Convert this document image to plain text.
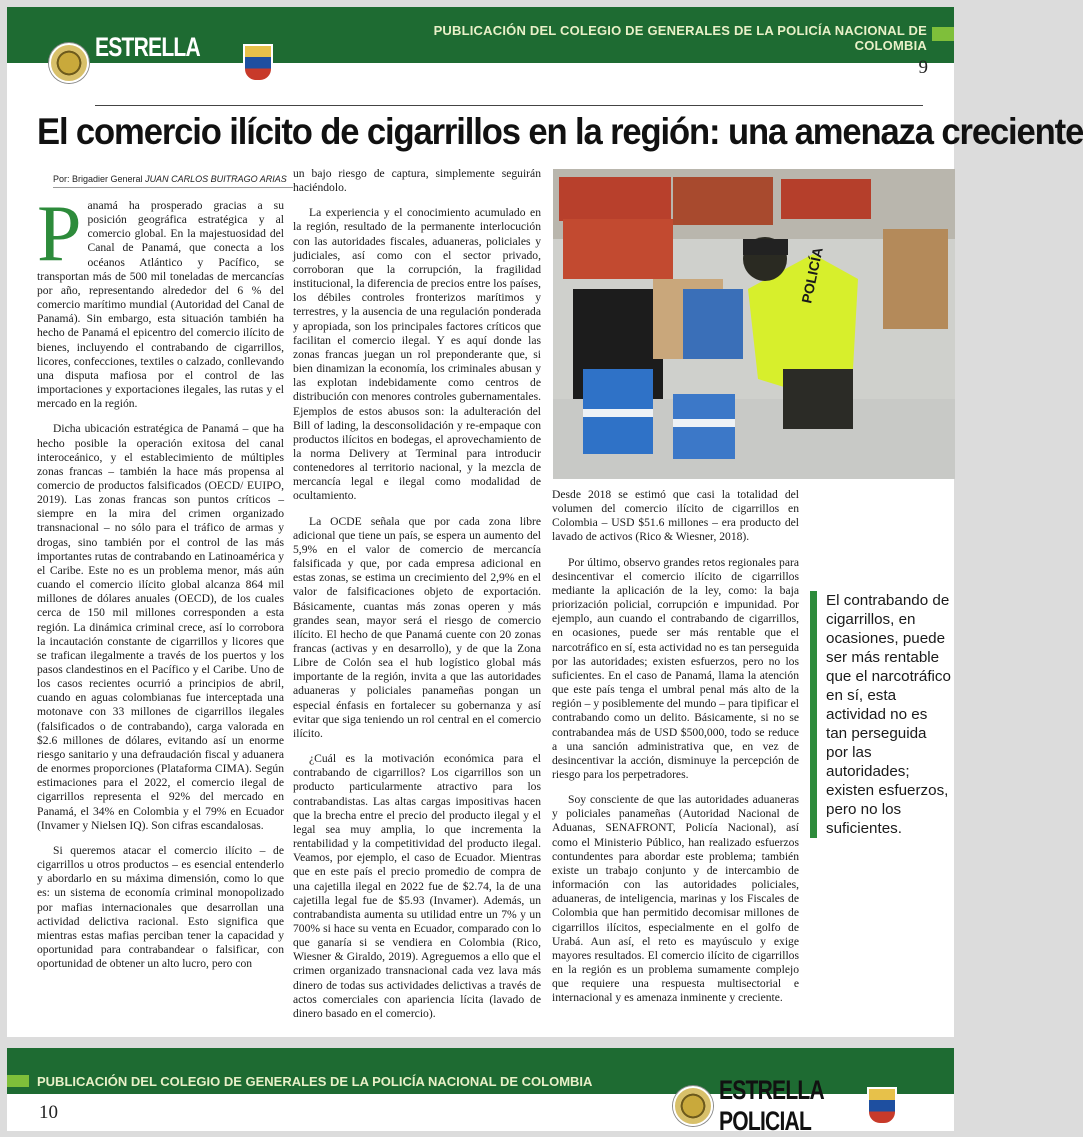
PUBLICACIÓN DEL COLEGIO DE GENERALES DE LA POLICÍA NACIONAL DE COLOMBIA
ESTRELLA POLICIAL	9
El comercio ilícito de cigarrillos en la región: una amenaza creciente
Por: Brigadier General JUAN CARLOS BUITRAGO ARIAS

Panamá ha prosperado gracias a su posición geográfica estratégica y al comercio global. En la majestuosidad del Canal de Panamá, que conecta a los océanos Atlántico y Pacífico, se transportan más de 500 mil toneladas de mercancías por año, representando alrededor del 6 % del comercio marítimo mundial (Autoridad del Canal de Panamá). Sin embargo, esta situación también ha hecho de Panamá el epicentro del comercio ilícito de bienes, incluyendo el contrabando de cigarrillos, licores, confecciones, textiles o calzado, conllevando una disputa mafiosa por el control de las importaciones y exportaciones ilegales, las rutas y el mercado en la región.

Dicha ubicación estratégica de Panamá – que ha hecho posible la operación exitosa del canal interoceánico, y el establecimiento de múltiples zonas francas – también la hace más propensa al comercio de productos falsificados (OECD/ EUIPO, 2019). Las zonas francas son puntos críticos – siempre en la mira del crimen organizado transnacional – no sólo para el tráfico de armas y drogas, sino también por el control de las más importantes rutas de contrabando en Latinoamérica y el Caribe. Este no es un problema menor, más aún cuando el comercio ilícito global alcanza 864 mil millones de dólares anuales (OECD), de los cuales cerca de 150 mil millones corresponden a esta región. La dinámica criminal crece, así lo corrobora la incautación constante de cigarrillos y licores que se trafican ilegalmente a través de los puertos y los pasos clandestinos en el Pacífico y el Caribe. Uno de los casos recientes ocurrió a principios de abril, cuando en aguas colombianas fue interceptada una motonave con 33 millones de cigarrillos ilegales (falsificados o de contrabando), carga valorada en $2.6 millones de dólares, evitando así un enorme riesgo sanitario y una defraudación fiscal y aduanera de enormes proporciones (Plataforma CIMA). Según estimaciones para el 2022, el comercio ilegal de cigarrillos representa el 92% del mercado en Panamá, el 34% en Colombia y el 79% en Ecuador (Invamer y Nielsen IQ). Son cifras escandalosas.

Si queremos atacar el comercio ilícito – de cigarrillos u otros productos – es esencial entenderlo y abordarlo en su máxima dimensión, como lo que es: un sistema de economía criminal monopolizado por mafias internacionales que desarrollan una actividad delictiva racional. Esto significa que mientras estas mafias perciban tener la capacidad y oportunidad para contrabandear o falsificar, con oportunidad de obtener un alto lucro, pero con

un bajo riesgo de captura, simplemente seguirán haciéndolo.

La experiencia y el conocimiento acumulado en la región, resultado de la permanente interlocución con las autoridades fiscales, aduaneras, policiales y judiciales, así como con el sector privado, corroboran que la corrupción, la fragilidad institucional, la diferencia de precios entre los países, los débiles controles fronterizos marítimos y terrestres, y la ausencia de una regulación ponderada y apropiada, son los principales factores críticos que facilitan el comercio ilegal. Y es aquí donde las zonas francas juegan un rol preponderante que, si bien dinamizan la economía, los criminales abusan y las explotan indebidamente como centros de distribución con menores controles gubernamentales. Ejemplos de estos abusos son: la adulteración del Bill of lading, la desconsolidación y re-empaque con productos ilícitos en bodegas, el aprovechamiento de la norma Delivery at Terminal para introducir contenedores al territorio nacional, y la mezcla de mercancía legal e ilegal como modalidad de ocultamiento.

La OCDE señala que por cada zona libre adicional que tiene un país, se espera un aumento del 5,9% en el valor de comercio de mercancía falsificada y que, por cada empresa adicional en estas zonas, se estima un crecimiento del 2,9% en el valor de falsificaciones objeto de exportación. Básicamente, cuantas más zonas operen y más grandes sean, mayor será el riesgo de comercio ilícito. El hecho de que Panamá cuente con 20 zonas francas (activas y en desarrollo), y de que la Zona Libre de Colón sea el hub logístico global más importante de la región, invita a que las autoridades aduaneras y policiales panameñas pongan un especial énfasis en fortalecer su gobernanza y así evitar que siga teniendo un rol central en el comercio ilícito.

¿Cuál es la motivación económica para el contrabando de cigarrillos? Los cigarrillos son un producto particularmente atractivo para los contrabandistas. Las altas cargas impositivas hacen que la brecha entre el precio del producto ilegal y el legal sea muy amplia, lo que incrementa la rentabilidad y la competitividad del producto ilegal. Veamos, por ejemplo, el caso de Ecuador. Mientras que en este país el precio promedio de compra de una cajetilla ilegal en 2022 fue de $2.74, la de una cajetilla legal fue de $5.93 (Invamer). Además, un contrabandista aumenta su utilidad entre un 7% y un 700% si hace su venta en Ecuador, comparado con lo que ganaría si se vendiera en Colombia (Rico, Wiesner & Giraldo, 2019). Agreguemos a ello que el crimen organizado transnacional cada vez lava más dinero de todas sus actividades delictivas a través de actos comerciales con apariencia lícita (lavado de dinero basado en el comercio).

POLICÍA

Desde 2018 se estimó que casi la totalidad del volumen del comercio ilícito de cigarrillos en Colombia – USD $51.6 millones – era producto del lavado de activos (Rico & Wiesner, 2018).

Por último, observo grandes retos regionales para desincentivar el comercio ilícito de cigarrillos mediante la aplicación de la ley, como: la baja priorización policial, corrupción e impunidad. Por ejemplo, aun cuando el contrabando de cigarrillos, en ocasiones, puede ser más rentable que el narcotráfico en sí, esta actividad no es tan perseguida por las autoridades; existen esfuerzos, pero no los suficientes. En el caso de Panamá, llama la atención que este país tenga el umbral penal más alto de la región – y posiblemente del mundo – para tipificar el contrabando como un delito. Básicamente, si no se contrabandea más de USD $500,000, todo se reduce a una sanción administrativa que, en vez de desincentivar la acción, disminuye la percepción de riesgo para los perpetradores.

Soy consciente de que las autoridades aduaneras y policiales panameñas (Autoridad Nacional de Aduanas, SENAFRONT, Policía Nacional), así como el Ministerio Público, han realizado esfuerzos contundentes para abordar este problema; también existe un trabajo conjunto y de intercambio de información con las autoridades policiales, aduaneras, de inteligencia, marinas y los Fiscales de Colombia que han permitido decomisar millones de cigarrillos ilícitos, especialmente en el golfo de Urabá. Aun así, el reto es mayúsculo y exige mayores resultados. El comercio ilícito de cigarrillos en la región es un problema sumamente complejo que requiere una respuesta multisectorial e internacional y es amenaza inminente y creciente.

El contrabando de cigarrillos, en ocasiones, puede ser más rentable que el narcotráfico en sí, esta actividad no es tan perseguida por las autoridades; existen esfuerzos, pero no los suficientes.
PUBLICACIÓN DEL COLEGIO DE GENERALES DE LA POLICÍA NACIONAL DE COLOMBIA
10
ESTRELLA POLICIAL
